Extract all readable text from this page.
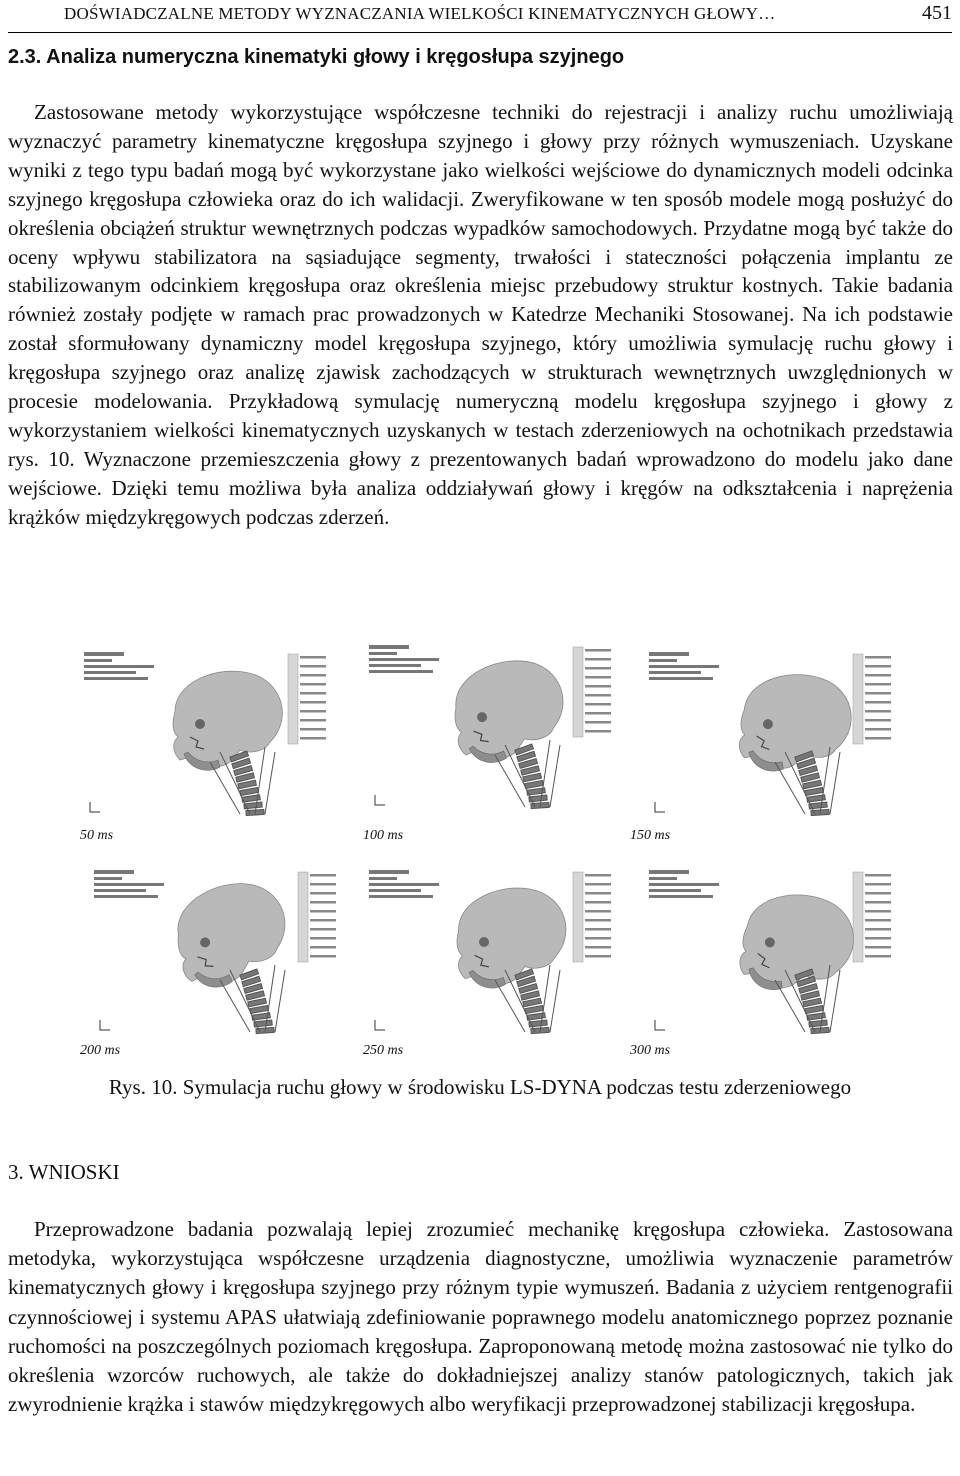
DOŚWIADCZALNE METODY WYZNACZANIA WIELKOŚCI KINEMATYCZNYCH GŁOWY…	451
2.3. Analiza numeryczna kinematyki głowy i kręgosłupa szyjnego

Zastosowane metody wykorzystujące współczesne techniki do rejestracji i analizy ruchu umożliwiają wyznaczyć parametry kinematyczne kręgosłupa szyjnego i głowy przy różnych wymuszeniach. Uzyskane wyniki z tego typu badań mogą być wykorzystane jako wielkości wejściowe do dynamicznych modeli odcinka szyjnego kręgosłupa człowieka oraz do ich walidacji. Zweryfikowane w ten sposób modele mogą posłużyć do określenia obciążeń struktur wewnętrznych podczas wypadków samochodowych. Przydatne mogą być także do oceny wpływu stabilizatora na sąsiadujące segmenty, trwałości i stateczności połączenia implantu ze stabilizowanym odcinkiem kręgosłupa oraz określenia miejsc przebudowy struktur kostnych. Takie badania również zostały podjęte w ramach prac prowadzonych w Katedrze Mechaniki Stosowanej. Na ich podstawie został sformułowany dynamiczny model kręgosłupa szyjnego, który umożliwia symulację ruchu głowy i kręgosłupa szyjnego oraz analizę zjawisk zachodzących w strukturach wewnętrznych uwzględnionych w procesie modelowania. Przykładową symulację numeryczną modelu kręgosłupa szyjnego i głowy z wykorzystaniem wielkości kinematycznych uzyskanych w testach zderzeniowych na ochotnikach przedstawia rys. 10. Wyznaczone przemieszczenia głowy z prezentowanych badań wprowadzono do modelu jako dane wejściowe. Dzięki temu możliwa była analiza oddziaływań głowy i kręgów na odkształcenia i naprężenia krążków międzykręgowych podczas zderzeń.

50 ms	100 ms	150 ms
200 ms	250 ms	300 ms
Rys. 10. Symulacja ruchu głowy w środowisku LS-DYNA podczas testu zderzeniowego
3. WNIOSKI

Przeprowadzone badania pozwalają lepiej zrozumieć mechanikę kręgosłupa człowieka. Zastosowana metodyka, wykorzystująca współczesne urządzenia diagnostyczne, umożliwia wyznaczenie parametrów kinematycznych głowy i kręgosłupa szyjnego przy różnym typie wymuszeń. Badania z użyciem rentgenografii czynnościowej i systemu APAS ułatwiają zdefiniowanie poprawnego modelu anatomicznego poprzez poznanie ruchomości na poszczególnych poziomach kręgosłupa. Zaproponowaną metodę można zastosować nie tylko do określenia wzorców ruchowych, ale także do dokładniejszej analizy stanów patologicznych, takich jak zwyrodnienie krążka i stawów międzykręgowych albo weryfikacji przeprowadzonej stabilizacji kręgosłupa.
